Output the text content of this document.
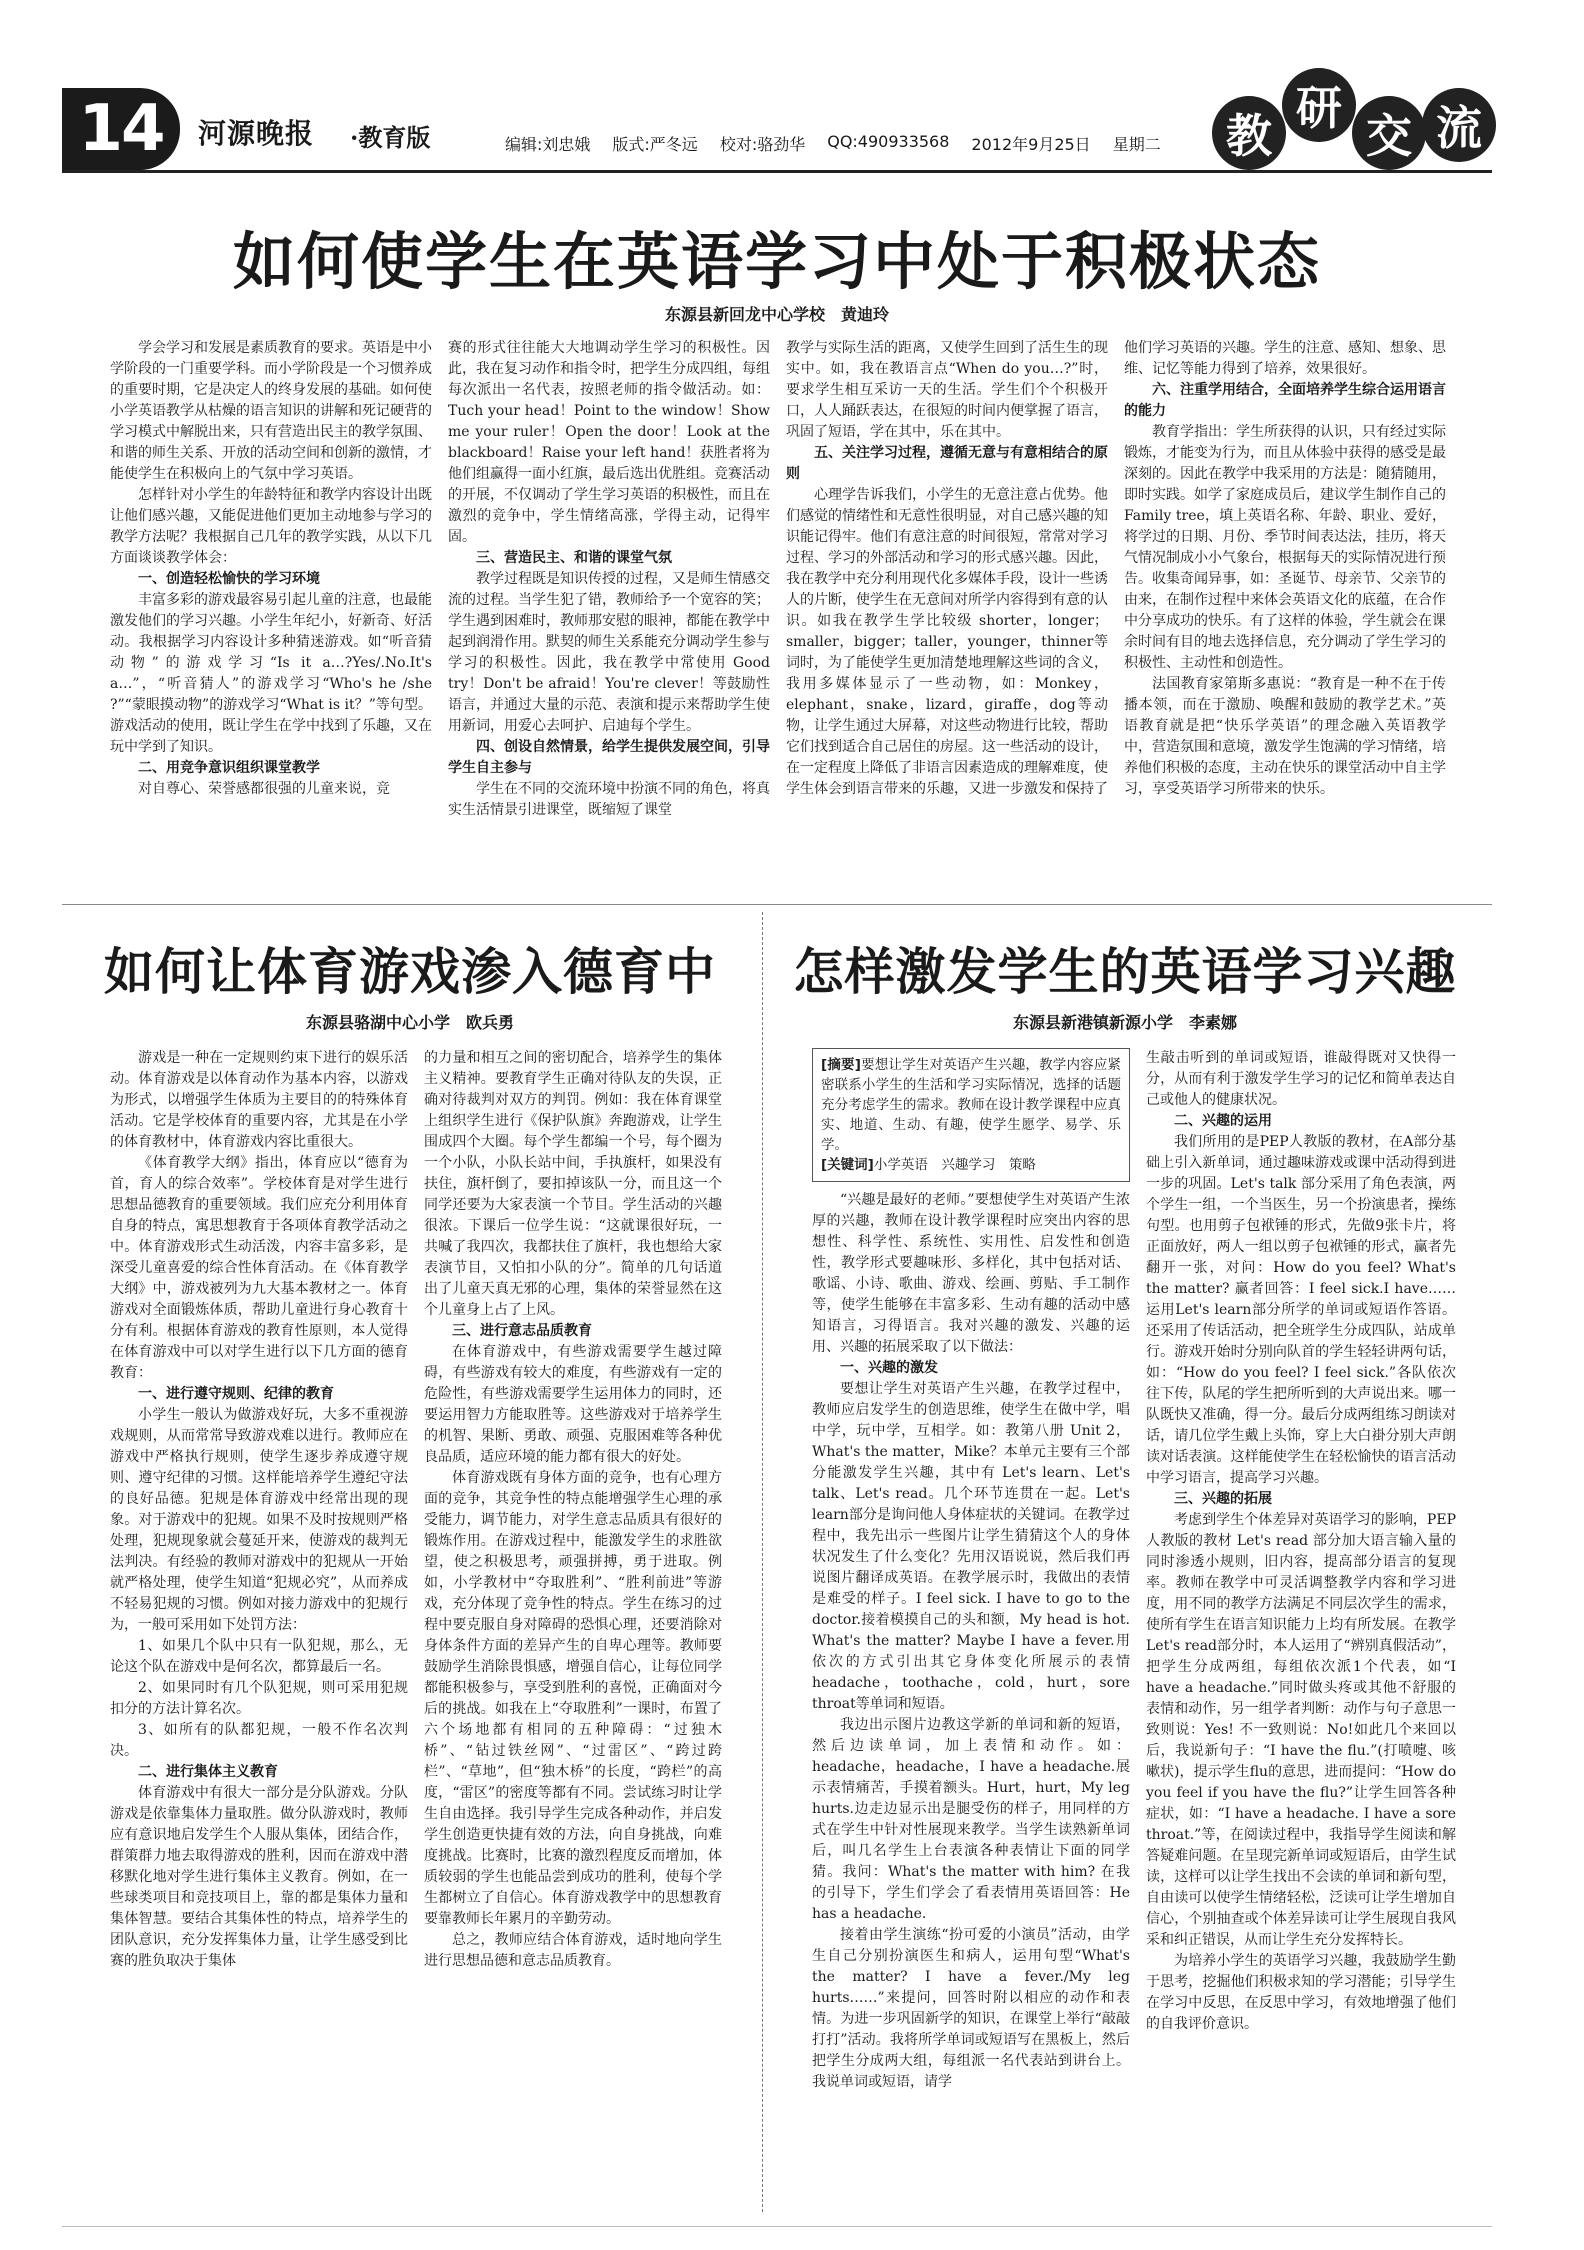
14	河源晚报 ·教育版	编辑:刘忠娥 版式:严冬远 校对:骆劲华 QQ:490933568 2012年9月25日 星期二	教
研
交 流
如何使学生在英语学习中处于积极状态
东源县新回龙中心学校　黄迪玲

学会学习和发展是素质教育的要求。英语是中小学阶段的一门重要学科。而小学阶段是一个习惯养成的重要时期，它是决定人的终身发展的基础。如何使小学英语教学从枯燥的语言知识的讲解和死记硬背的学习模式中解脱出来，只有营造出民主的教学氛围、和谐的师生关系、开放的活动空间和创新的激情，才能使学生在积极向上的气氛中学习英语。

怎样针对小学生的年龄特征和教学内容设计出既让他们感兴趣，又能促进他们更加主动地参与学习的教学方法呢？我根据自己几年的教学实践，从以下几方面谈谈教学体会：

一、创造轻松愉快的学习环境

丰富多彩的游戏最容易引起儿童的注意，也最能激发他们的学习兴趣。小学生年纪小，好新奇、好活动。我根据学习内容设计多种猜迷游戏。如“听音猜动物”的游戏学习“Is it a…?Yes/.No.It's a…”，“听音猜人”的游戏学习“Who's he /she ?”“蒙眼摸动物”的游戏学习“What is it？”等句型。游戏活动的使用，既让学生在学中找到了乐趣，又在玩中学到了知识。

二、用竞争意识组织课堂教学

对自尊心、荣誉感都很强的儿童来说，竞

赛的形式往往能大大地调动学生学习的积极性。因此，我在复习动作和指令时，把学生分成四组，每组每次派出一名代表，按照老师的指令做活动。如：Tuch your head！Point to the window！Show me your ruler！Open the door！Look at the blackboard！Raise your left hand！获胜者将为他们组赢得一面小红旗，最后选出优胜组。竞赛活动的开展，不仅调动了学生学习英语的积极性，而且在激烈的竞争中，学生情绪高涨，学得主动，记得牢固。

三、营造民主、和谐的课堂气氛

教学过程既是知识传授的过程，又是师生情感交流的过程。当学生犯了错，教师给予一个宽容的笑；学生遇到困难时，教师那安慰的眼神，都能在教学中起到润滑作用。默契的师生关系能充分调动学生参与学习的积极性。因此，我在教学中常使用 Good try！Don't be afraid！You're clever！等鼓励性语言，并通过大量的示范、表演和提示来帮助学生使用新词，用爱心去呵护、启迪每个学生。

四、创设自然情景，给学生提供发展空间，引导学生自主参与

学生在不同的交流环境中扮演不同的角色，将真实生活情景引进课堂，既缩短了课堂

教学与实际生活的距离，又使学生回到了活生生的现实中。如，我在教语言点“When do you…?”时，要求学生相互采访一天的生活。学生们个个积极开口，人人踊跃表达，在很短的时间内便掌握了语言，巩固了短语，学在其中，乐在其中。

五、关注学习过程，遵循无意与有意相结合的原则

心理学告诉我们，小学生的无意注意占优势。他们感觉的情绪性和无意性很明显，对自己感兴趣的知识能记得牢。他们有意注意的时间很短，常常对学习过程、学习的外部活动和学习的形式感兴趣。因此，我在教学中充分利用现代化多媒体手段，设计一些诱人的片断，使学生在无意间对所学内容得到有意的认识。如我在教学生学比较级 shorter，longer；smaller，bigger；taller，younger，thinner等词时，为了能使学生更加清楚地理解这些词的含义，我用多媒体显示了一些动物，如：Monkey，elephant，snake，lizard，giraffe，dog等动物，让学生通过大屏幕，对这些动物进行比较，帮助它们找到适合自己居住的房屋。这一些活动的设计，在一定程度上降低了非语言因素造成的理解难度，使学生体会到语言带来的乐趣，又进一步激发和保持了

他们学习英语的兴趣。学生的注意、感知、想象、思维、记忆等能力得到了培养，效果很好。

六、注重学用结合，全面培养学生综合运用语言的能力

教育学指出：学生所获得的认识，只有经过实际锻炼，才能变为行为，而且从体验中获得的感受是最深刻的。因此在教学中我采用的方法是：随猜随用，即时实践。如学了家庭成员后，建议学生制作自己的 Family tree，填上英语名称、年龄、职业、爱好，将学过的日期、月份、季节时间表达法，挂历，将天气情况制成小小气象台，根据每天的实际情况进行预告。收集奇闻异事，如：圣诞节、母亲节、父亲节的由来，在制作过程中来体会英语文化的底蕴，在合作中分享成功的快乐。有了这样的体验，学生就会在课余时间有目的地去选择信息，充分调动了学生学习的积极性、主动性和创造性。

法国教育家第斯多惠说：“教育是一种不在于传播本领，而在于激励、唤醒和鼓励的教学艺术。”英语教育就是把“快乐学英语”的理念融入英语教学中，营造氛围和意境，激发学生饱满的学习情绪，培养他们积极的态度，主动在快乐的课堂活动中自主学习，享受英语学习所带来的快乐。

如何让体育游戏渗入德育中
东源县骆湖中心小学　欧兵勇

游戏是一种在一定规则约束下进行的娱乐活动。体育游戏是以体育动作为基本内容，以游戏为形式，以增强学生体质为主要目的的特殊体育活动。它是学校体育的重要内容，尤其是在小学的体育教材中，体育游戏内容比重很大。

《体育教学大纲》指出，体育应以“德育为首，育人的综合效率”。学校体育是对学生进行思想品德教育的重要领域。我们应充分利用体育自身的特点，寓思想教育于各项体育教学活动之中。体育游戏形式生动活泼，内容丰富多彩，是深受儿童喜爱的综合性体育活动。在《体育教学大纲》中，游戏被列为九大基本教材之一。体育游戏对全面锻炼体质，帮助儿童进行身心教育十分有利。根据体育游戏的教育性原则，本人觉得在体育游戏中可以对学生进行以下几方面的德育教育：

一、进行遵守规则、纪律的教育

小学生一般认为做游戏好玩，大多不重视游戏规则，从而常常导致游戏难以进行。教师应在游戏中严格执行规则，使学生逐步养成遵守规则、遵守纪律的习惯。这样能培养学生遵纪守法的良好品德。犯规是体育游戏中经常出现的现象。对于游戏中的犯规。如果不及时按规则严格处理，犯规现象就会蔓延开来，使游戏的裁判无法判决。有经验的教师对游戏中的犯规从一开始就严格处理，使学生知道“犯规必究”，从而养成不轻易犯规的习惯。例如对接力游戏中的犯规行为，一般可采用如下处罚方法：

1、如果几个队中只有一队犯规，那么，无论这个队在游戏中是何名次，都算最后一名。

2、如果同时有几个队犯规，则可采用犯规扣分的方法计算名次。

3、如所有的队都犯规，一般不作名次判决。

二、进行集体主义教育

体育游戏中有很大一部分是分队游戏。分队游戏是依靠集体力量取胜。做分队游戏时，教师应有意识地启发学生个人服从集体，团结合作，群策群力地去取得游戏的胜利，因而在游戏中潜移默化地对学生进行集体主义教育。例如，在一些球类项目和竞技项目上，靠的都是集体力量和集体智慧。要结合其集体性的特点，培养学生的团队意识，充分发挥集体力量，让学生感受到比赛的胜负取决于集体

的力量和相互之间的密切配合，培养学生的集体主义精神。要教育学生正确对待队友的失误，正确对待裁判对双方的判罚。例如：我在体育课堂上组织学生进行《保护队旗》奔跑游戏，让学生围成四个大圈。每个学生都编一个号，每个圈为一个小队，小队长站中间，手执旗杆，如果没有扶住，旗杆倒了，要扣掉该队一分，而且这一个同学还要为大家表演一个节目。学生活动的兴趣很浓。下课后一位学生说：“这就课很好玩，一共喊了我四次，我都扶住了旗杆，我也想给大家表演节目，又怕扣小队的分”。简单的几句话道出了儿童天真无邪的心理，集体的荣誉显然在这个儿童身上占了上风。

三、进行意志品质教育

在体育游戏中，有些游戏需要学生越过障碍，有些游戏有较大的难度，有些游戏有一定的危险性，有些游戏需要学生运用体力的同时，还要运用智力方能取胜等。这些游戏对于培养学生的机智、果断、勇敢、顽强、克服困难等各种优良品质，适应环境的能力都有很大的好处。

体育游戏既有身体方面的竞争，也有心理方面的竞争，其竞争性的特点能增强学生心理的承受能力，调节能力，对学生意志品质具有很好的锻炼作用。在游戏过程中，能激发学生的求胜欲望，使之积极思考，顽强拼搏，勇于进取。例如，小学教材中“夺取胜利”、“胜利前进”等游戏，充分体现了竞争性的特点。学生在练习的过程中要克服自身对障碍的恐惧心理，还要消除对身体条件方面的差异产生的自卑心理等。教师要鼓励学生消除畏惧感，增强自信心，让每位同学都能积极参与，享受到胜利的喜悦，正确面对今后的挑战。如我在上“夺取胜利”一课时，布置了六个场地都有相同的五种障碍：“过独木桥”、“钻过铁丝网”、“过雷区”、“跨过跨栏”、“草地”，但“独木桥”的长度，“跨栏”的高度，“雷区”的密度等都有不同。尝试练习时让学生自由选择。我引导学生完成各种动作，并启发学生创造更快捷有效的方法，向自身挑战，向难度挑战。比赛时，比赛的激烈程度反而增加，体质较弱的学生也能品尝到成功的胜利，使每个学生都树立了自信心。体育游戏教学中的思想教育要靠教师长年累月的辛勤劳动。

总之，教师应结合体育游戏，适时地向学生进行思想品德和意志品质教育。

怎样激发学生的英语学习兴趣
东源县新港镇新源小学　李素娜

[摘要]要想让学生对英语产生兴趣，教学内容应紧密联系小学生的生活和学习实际情况，选择的话题充分考虑学生的需求。教师在设计教学课程中应真实、地道、生动、有趣，使学生愿学、易学、乐学。

[关键词]小学英语　兴趣学习　策略

“兴趣是最好的老师。”要想使学生对英语产生浓厚的兴趣，教师在设计教学课程时应突出内容的思想性、科学性、系统性、实用性、启发性和创造性，教学形式要趣味形、多样化，其中包括对话、歌谣、小诗、歌曲、游戏、绘画、剪贴、手工制作等，使学生能够在丰富多彩、生动有趣的活动中感知语言，习得语言。我对兴趣的激发、兴趣的运用、兴趣的拓展采取了以下做法：

一、兴趣的激发

要想让学生对英语产生兴趣，在教学过程中，教师应启发学生的创造思维，使学生在做中学，唱中学，玩中学，互相学。如：教第八册 Unit 2，What's the matter，Mike？本单元主要有三个部分能激发学生兴趣，其中有 Let's learn、Let's talk、Let's read。几个环节连贯在一起。Let's learn部分是询问他人身体症状的关键词。在教学过程中，我先出示一些图片让学生猜猜这个人的身体状况发生了什么变化？先用汉语说说，然后我们再说图片翻译成英语。在教学展示时，我做出的表情是难受的样子。I feel sick. I have to go to the doctor.接着模摸自己的头和额，My head is hot. What's the matter? Maybe I have a fever.用依次的方式引出其它身体变化所展示的表情 headache，toothache，cold，hurt，sore throat等单词和短语。

我边出示图片边教这学新的单词和新的短语，然后边读单词，加上表情和动作。如：headache，headache，I have a headache.展示表情痛苦，手摸着额头。Hurt，hurt，My leg hurts.边走边显示出是腿受伤的样子，用同样的方式在学生中针对性展现来教学。当学生读熟新单词后，叫几名学生上台表演各种表情让下面的同学猜。我问：What's the matter with him? 在我的引导下，学生们学会了看表情用英语回答：He has a headache.

接着由学生演练“扮可爱的小演员”活动，由学生自己分别扮演医生和病人，运用句型“What's the matter? I have a fever./My leg hurts……”来提问，回答时附以相应的动作和表情。为进一步巩固新学的知识，在课堂上举行“敲敲打打”活动。我将所学单词或短语写在黑板上，然后把学生分成两大组，每组派一名代表站到讲台上。我说单词或短语，请学

生敲击听到的单词或短语，谁敲得既对又快得一分，从而有利于激发学生学习的记忆和简单表达自己或他人的健康状况。

二、兴趣的运用

我们所用的是PEP人教版的教材，在A部分基础上引入新单词，通过趣味游戏或课中活动得到进一步的巩固。Let's talk 部分采用了角色表演，两个学生一组，一个当医生，另一个扮演患者，操练句型。也用剪子包袱锤的形式，先做9张卡片，将正面放好，两人一组以剪子包袱锤的形式，赢者先翻开一张，对问：How do you feel? What's the matter? 赢者回答：I feel sick.I have……运用Let's learn部分所学的单词或短语作答语。还采用了传话活动，把全班学生分成四队，站成单行。游戏开始时分别向队首的学生轻轻讲两句话，如：“How do you feel? I feel sick.”各队依次往下传，队尾的学生把所听到的大声说出来。哪一队既快又准确，得一分。最后分成两组练习朗读对话，请几位学生戴上头饰，穿上大白褂分别大声朗读对话表演。这样能使学生在轻松愉快的语言活动中学习语言，提高学习兴趣。

三、兴趣的拓展

考虑到学生个体差异对英语学习的影响，PEP人教版的教材 Let's read 部分加大语言输入量的同时渗透小规则，旧内容，提高部分语言的复现率。教师在教学中可灵活调整教学内容和学习进度，用不同的教学方法满足不同层次学生的需求，使所有学生在语言知识能力上均有所发展。在教学Let's read部分时，本人运用了“辨别真假活动”，把学生分成两组，每组依次派1个代表，如“I have a headache.”同时做头疼或其他不舒服的表情和动作，另一组学者判断：动作与句子意思一致则说：Yes! 不一致则说：No!如此几个来回以后，我说新句子：“I have the flu.”(打喷嚏、咳嗽状)，提示学生flu的意思，进而提问：“How do you feel if you have the flu?”让学生回答各种症状，如：“I have a headache. I have a sore throat.”等，在阅读过程中，我指导学生阅读和解答疑难问题。在呈现完新单词或短语后，由学生试读，这样可以让学生找出不会读的单词和新句型，自由读可以使学生情绪轻松，泛读可让学生增加自信心，个别抽查或个体差异读可让学生展现自我风采和纠正错误，从而让学生充分发挥特长。

为培养小学生的英语学习兴趣，我鼓励学生勤于思考，挖掘他们积极求知的学习潜能；引导学生在学习中反思，在反思中学习，有效地增强了他们的自我评价意识。
